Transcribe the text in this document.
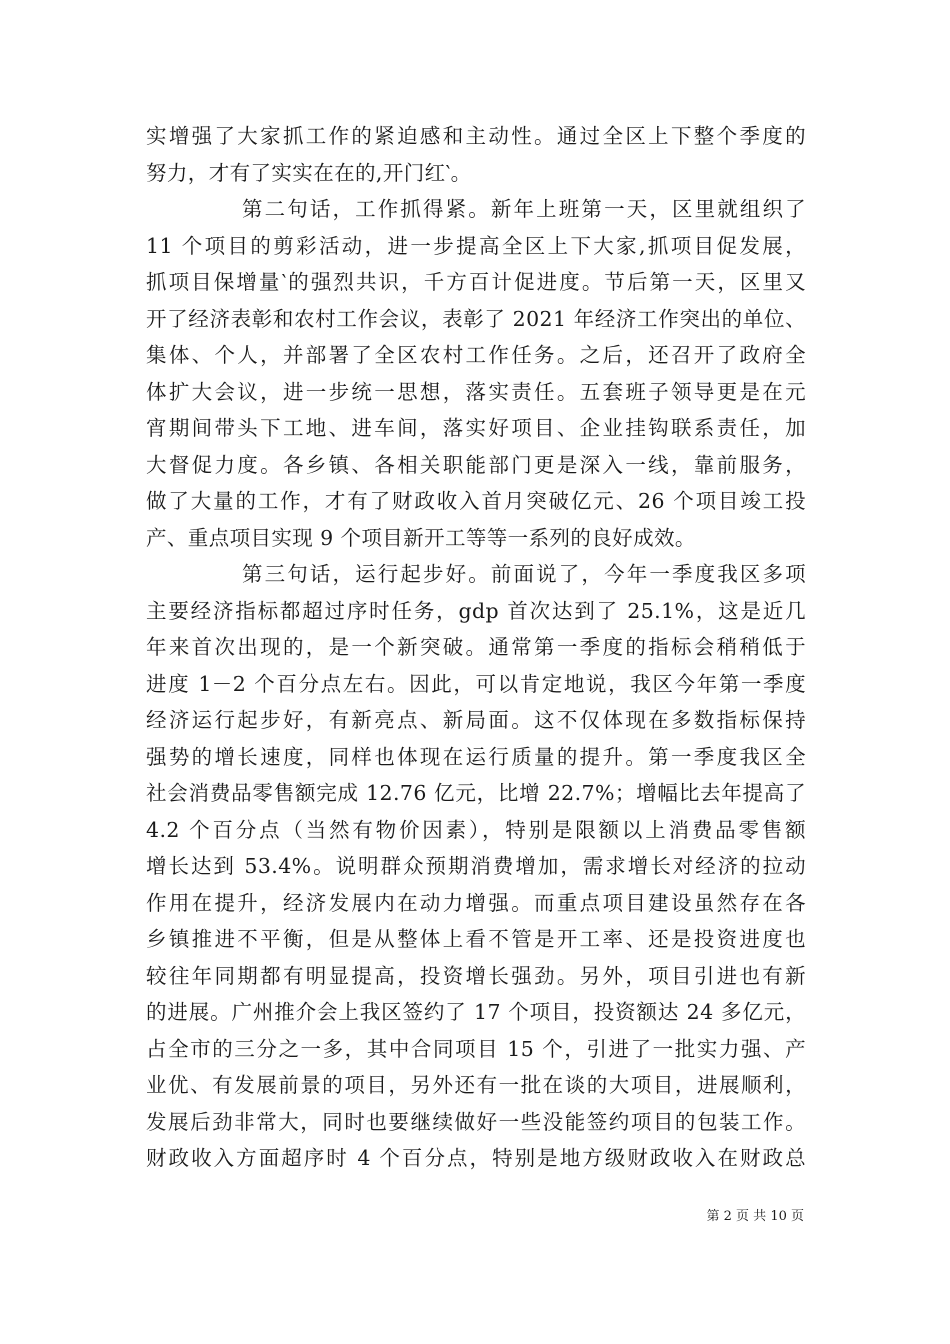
实增强了大家抓工作的紧迫感和主动性。通过全区上下整个季度的
努力，才有了实实在在的,开门红‵。
第二句话，工作抓得紧。新年上班第一天，区里就组织了
11 个项目的剪彩活动，进一步提高全区上下大家,抓项目促发展，
抓项目保增量‵的强烈共识，千方百计促进度。节后第一天，区里又
开了经济表彰和农村工作会议，表彰了 2021 年经济工作突出的单位、
集体、个人，并部署了全区农村工作任务。之后，还召开了政府全
体扩大会议，进一步统一思想，落实责任。五套班子领导更是在元
宵期间带头下工地、进车间，落实好项目、企业挂钩联系责任，加
大督促力度。各乡镇、各相关职能部门更是深入一线，靠前服务，
做了大量的工作，才有了财政收入首月突破亿元、26 个项目竣工投
产、重点项目实现 9 个项目新开工等等一系列的良好成效。
第三句话，运行起步好。前面说了，今年一季度我区多项
主要经济指标都超过序时任务，gdp 首次达到了 25.1%，这是近几
年来首次出现的，是一个新突破。通常第一季度的指标会稍稍低于
进度 1－2 个百分点左右。因此，可以肯定地说，我区今年第一季度
经济运行起步好，有新亮点、新局面。这不仅体现在多数指标保持
强势的增长速度，同样也体现在运行质量的提升。第一季度我区全
社会消费品零售额完成 12.76 亿元，比增 22.7%；增幅比去年提高了
4.2 个百分点（当然有物价因素），特别是限额以上消费品零售额
增长达到 53.4%。说明群众预期消费增加，需求增长对经济的拉动
作用在提升，经济发展内在动力增强。而重点项目建设虽然存在各
乡镇推进不平衡，但是从整体上看不管是开工率、还是投资进度也
较往年同期都有明显提高，投资增长强劲。另外，项目引进也有新
的进展。广州推介会上我区签约了 17 个项目，投资额达 24 多亿元，
占全市的三分之一多，其中合同项目 15 个，引进了一批实力强、产
业优、有发展前景的项目，另外还有一批在谈的大项目，进展顺利，
发展后劲非常大，同时也要继续做好一些没能签约项目的包装工作。
财政收入方面超序时 4 个百分点，特别是地方级财政收入在财政总
第 2 页 共 10 页
